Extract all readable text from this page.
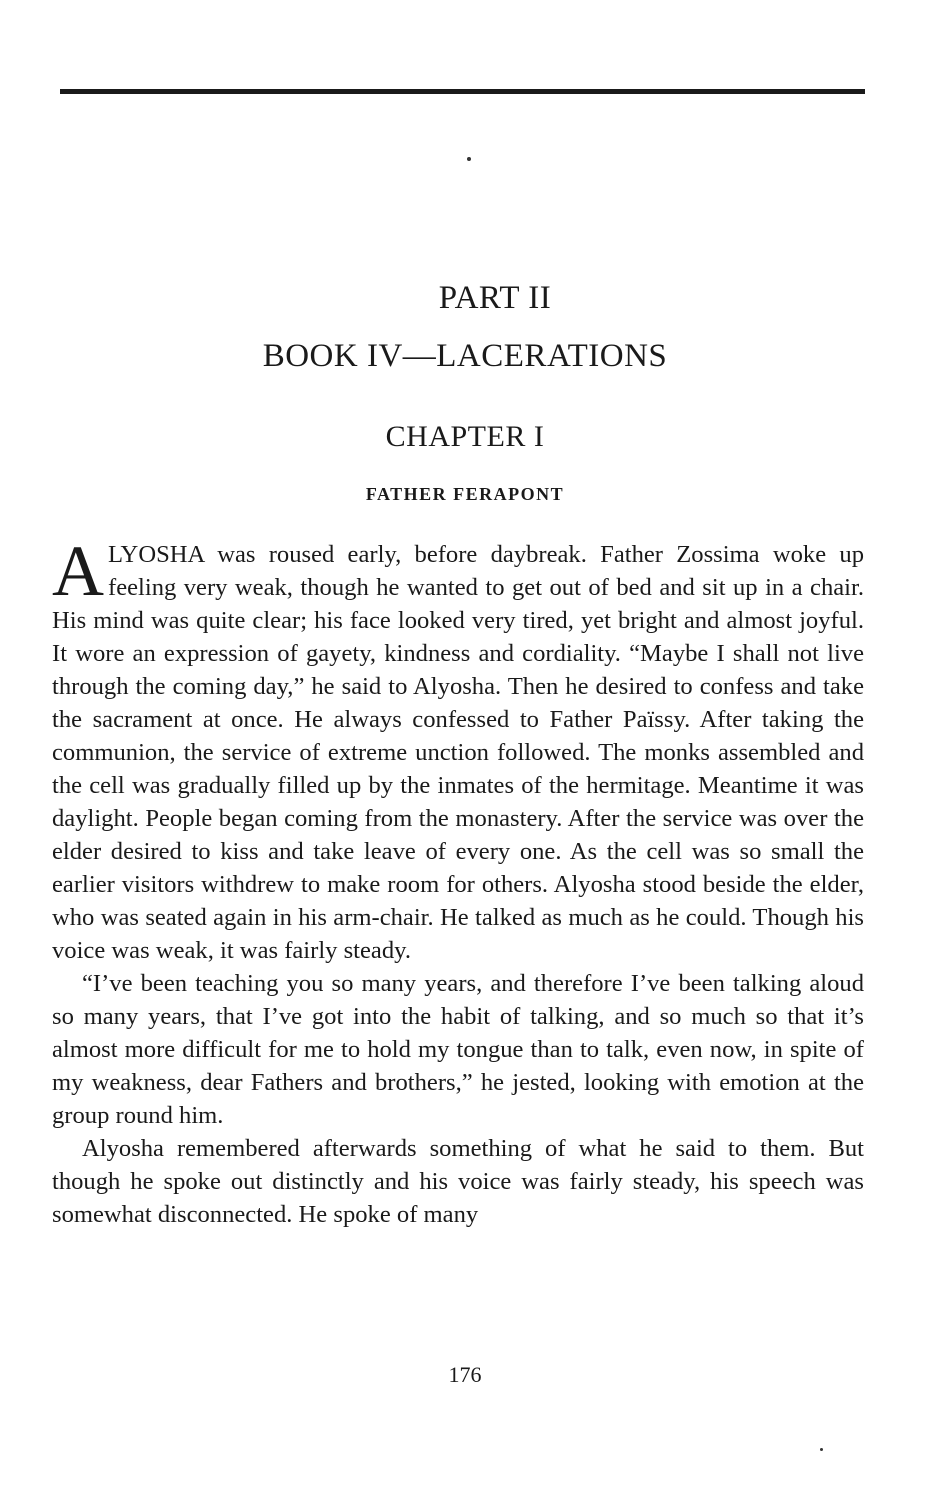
PART II
BOOK IV—LACERATIONS
CHAPTER I
FATHER FERAPONT

ALYOSHA was roused early, before daybreak. Father Zossima woke up feeling very weak, though he wanted to get out of bed and sit up in a chair. His mind was quite clear; his face looked very tired, yet bright and almost joyful. It wore an expression of gayety, kindness and cordiality. “Maybe I shall not live through the coming day,” he said to Alyosha. Then he desired to confess and take the sacrament at once. He always confessed to Father Païssy. After taking the communion, the service of extreme unction followed. The monks assembled and the cell was gradually filled up by the inmates of the hermitage. Meantime it was daylight. People began coming from the monastery. After the service was over the elder desired to kiss and take leave of every one. As the cell was so small the earlier visitors withdrew to make room for others. Alyosha stood beside the elder, who was seated again in his arm-chair. He talked as much as he could. Though his voice was weak, it was fairly steady.

“I’ve been teaching you so many years, and therefore I’ve been talking aloud so many years, that I’ve got into the habit of talking, and so much so that it’s almost more difficult for me to hold my tongue than to talk, even now, in spite of my weakness, dear Fathers and brothers,” he jested, looking with emotion at the group round him.

Alyosha remembered afterwards something of what he said to them. But though he spoke out distinctly and his voice was fairly steady, his speech was somewhat disconnected. He spoke of many

176
